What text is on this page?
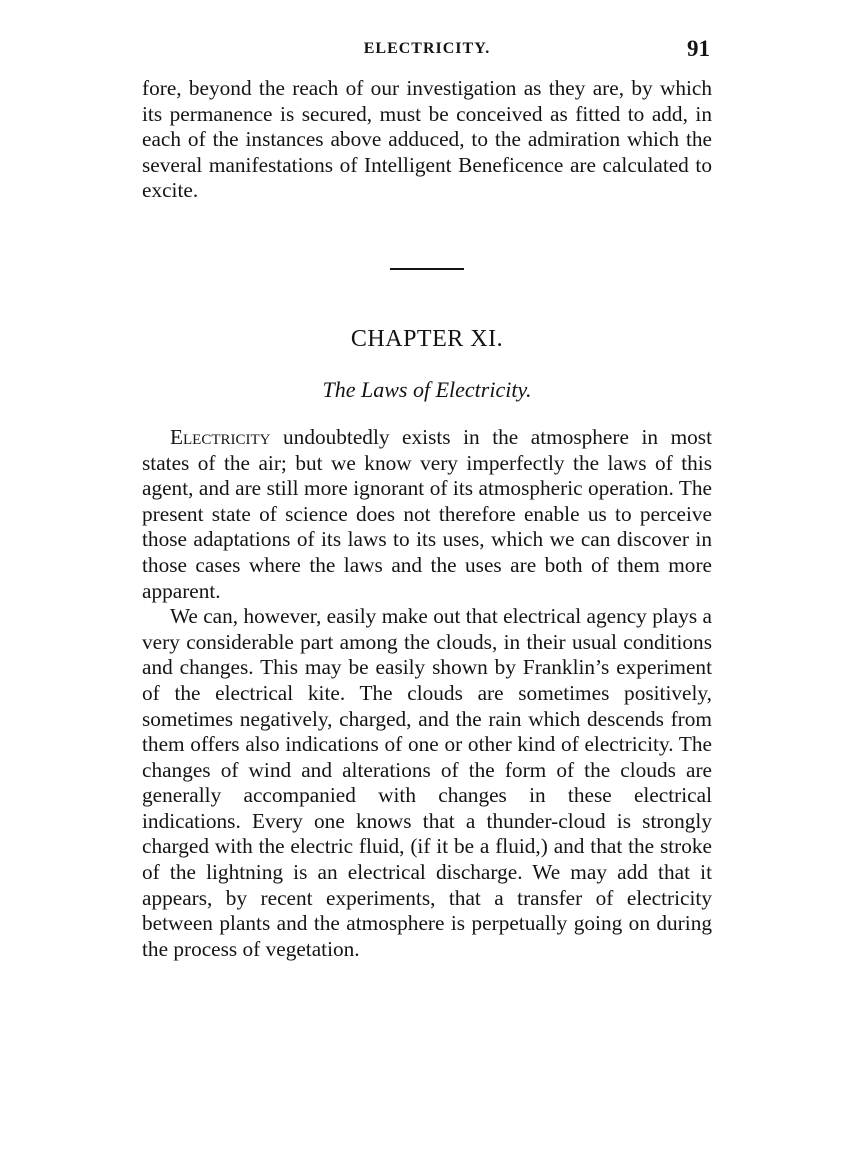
ELECTRICITY.	91

fore, beyond the reach of our investigation as they are, by which its permanence is secured, must be conceived as fitted to add, in each of the instances above adduced, to the admiration which the several manifestations of Intelligent Beneficence are calculated to excite.

CHAPTER XI.
The Laws of Electricity.

Electricity undoubtedly exists in the atmosphere in most states of the air; but we know very imperfectly the laws of this agent, and are still more ignorant of its atmospheric operation. The present state of science does not therefore enable us to perceive those adaptations of its laws to its uses, which we can discover in those cases where the laws and the uses are both of them more apparent.

We can, however, easily make out that electrical agency plays a very considerable part among the clouds, in their usual conditions and changes. This may be easily shown by Franklin’s experiment of the electrical kite. The clouds are sometimes positively, sometimes negatively, charged, and the rain which descends from them offers also indications of one or other kind of electricity. The changes of wind and alterations of the form of the clouds are generally accompanied with changes in these electrical indications. Every one knows that a thunder-cloud is strongly charged with the electric fluid, (if it be a fluid,) and that the stroke of the lightning is an electrical discharge. We may add that it appears, by recent experiments, that a transfer of electricity between plants and the atmosphere is perpetually going on during the process of vegetation.
